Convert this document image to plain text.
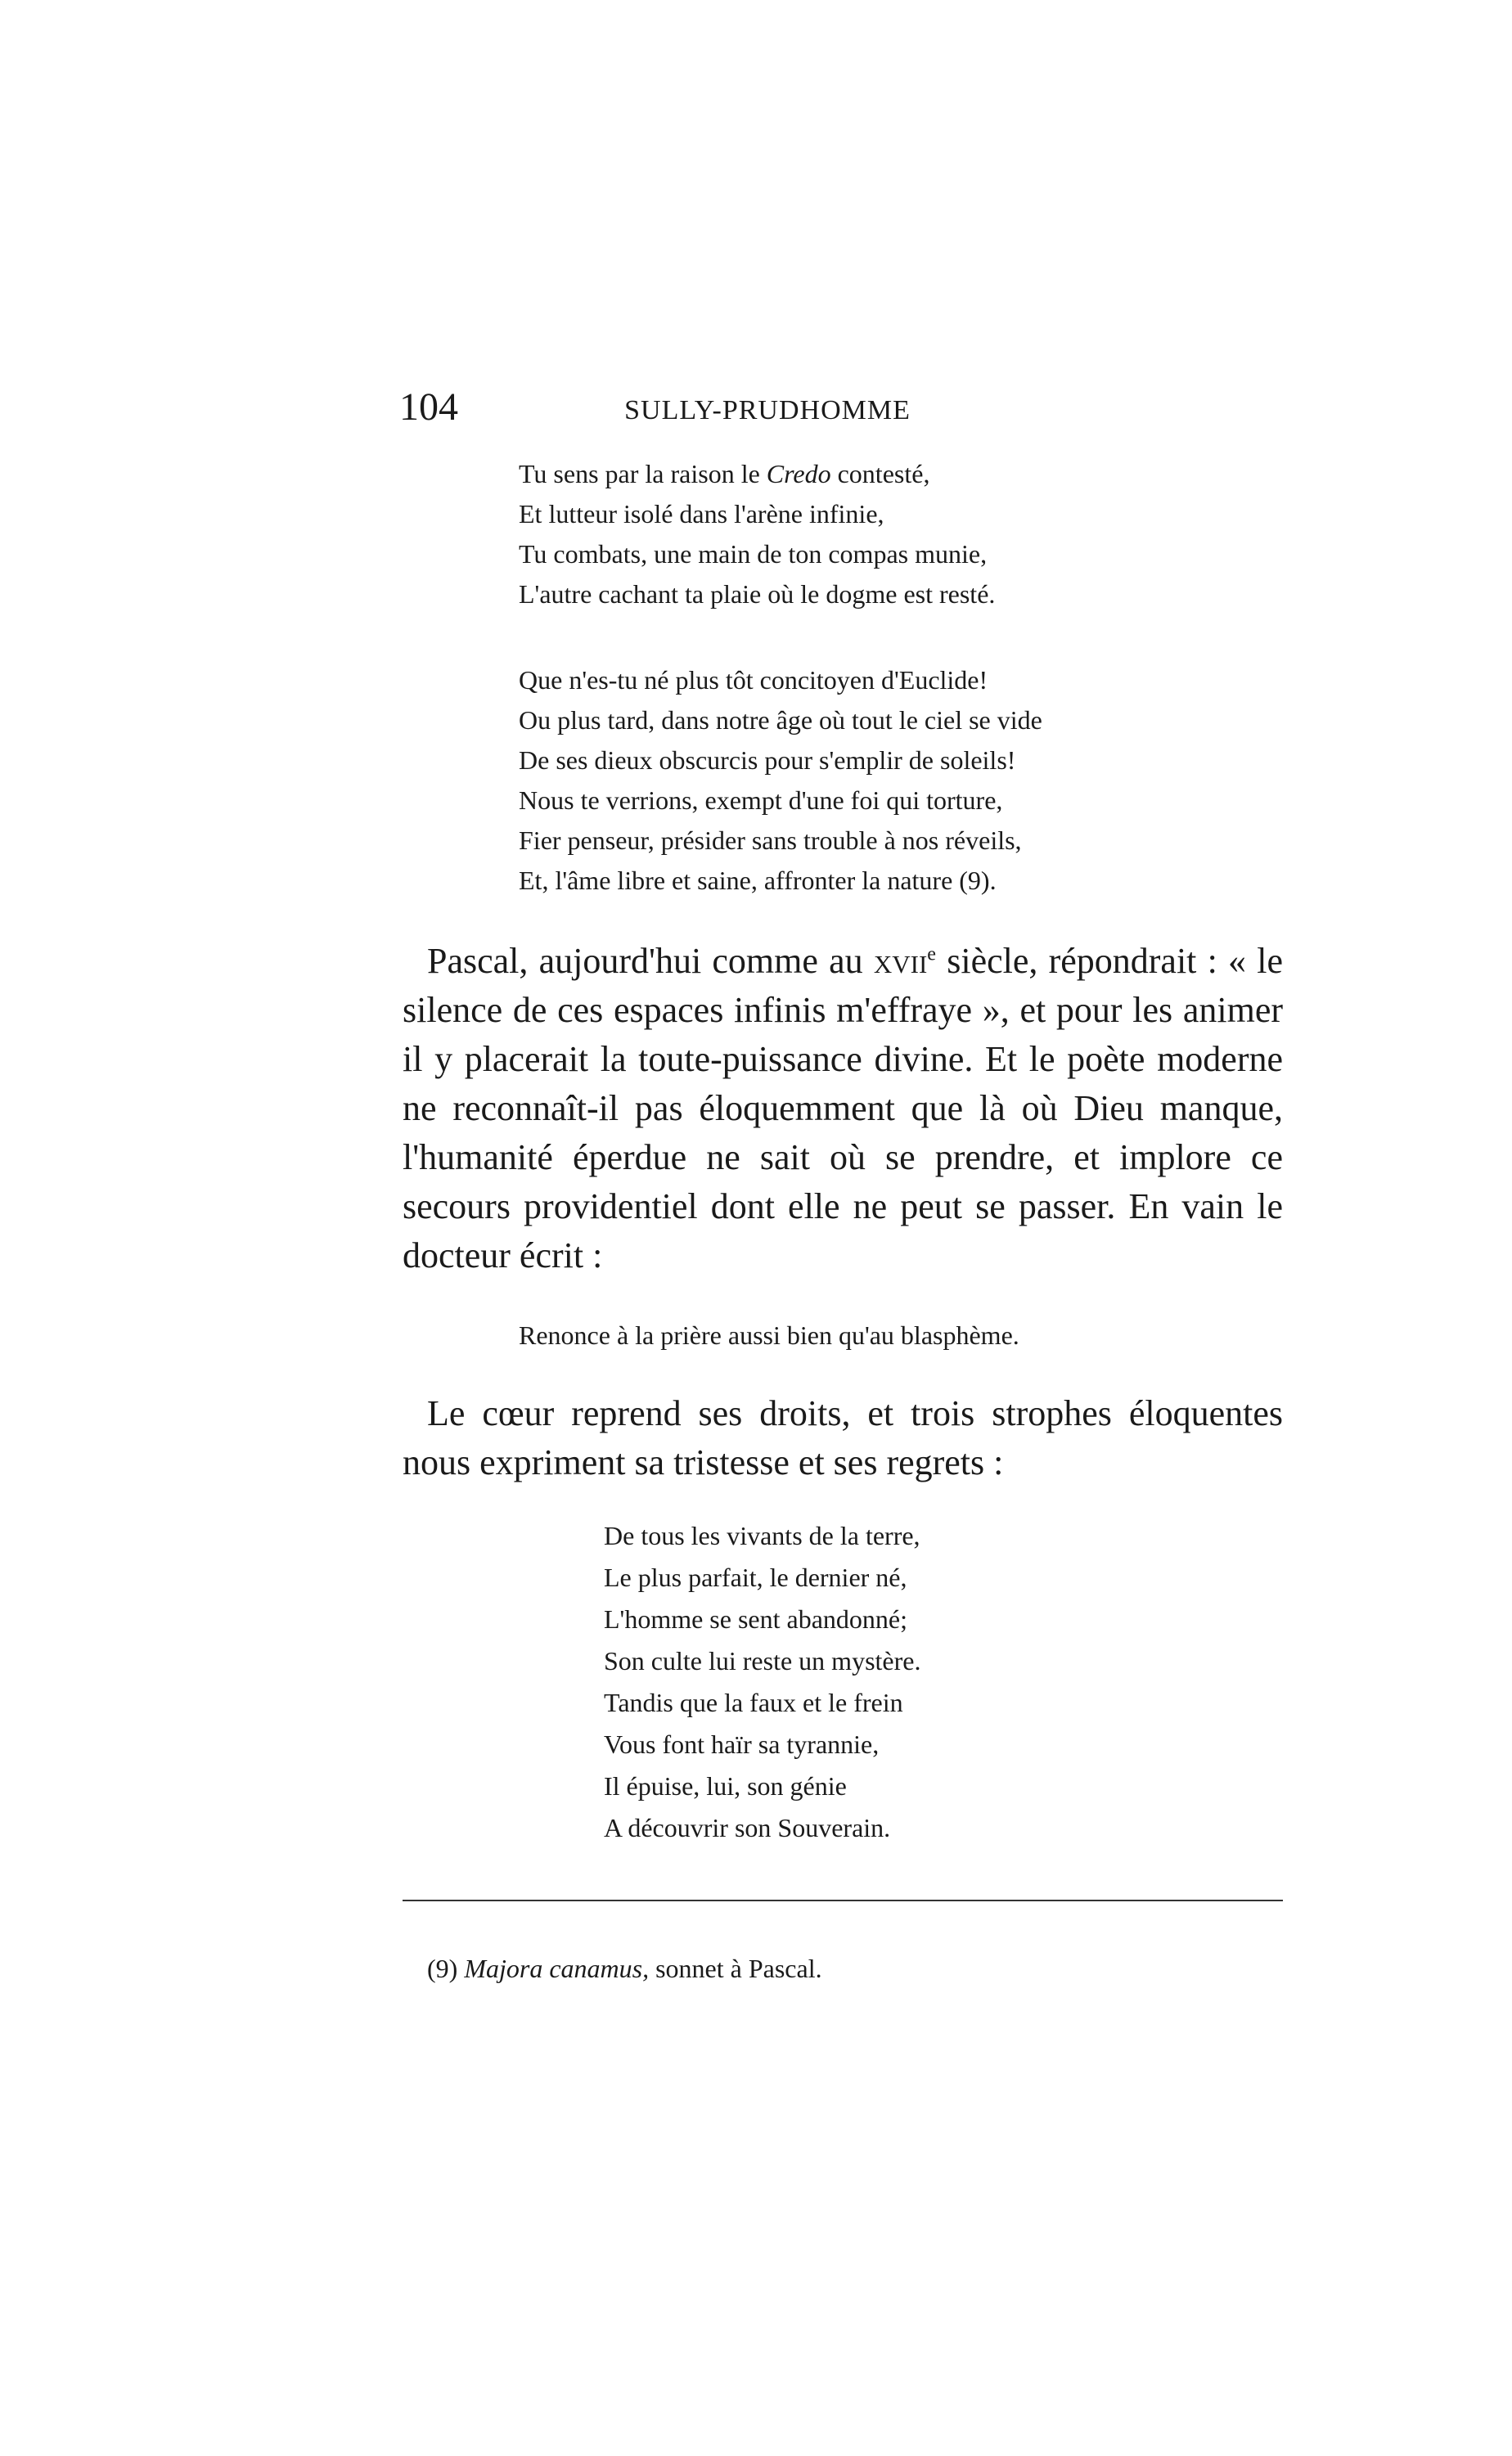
104	SULLY-PRUDHOMME
Tu sens par la raison le Credo contesté,
Et lutteur isolé dans l'arène infinie,
Tu combats, une main de ton compas munie,
L'autre cachant ta plaie où le dogme est resté.
Que n'es-tu né plus tôt concitoyen d'Euclide!
Ou plus tard, dans notre âge où tout le ciel se vide
De ses dieux obscurcis pour s'emplir de soleils!
Nous te verrions, exempt d'une foi qui torture,
Fier penseur, présider sans trouble à nos réveils,
Et, l'âme libre et saine, affronter la nature (9).

Pascal, aujourd'hui comme au xvii$^e$ siècle, répondrait : « le silence de ces espaces infinis m'effraye », et pour les animer il y placerait la toute-puissance divine. Et le poète moderne ne reconnaît-il pas éloquemment que là où Dieu manque, l'humanité éperdue ne sait où se prendre, et implore ce secours providentiel dont elle ne peut se passer. En vain le docteur écrit :

Renonce à la prière aussi bien qu'au blasphème.

Le cœur reprend ses droits, et trois strophes éloquentes nous expriment sa tristesse et ses regrets :

De tous les vivants de la terre,
Le plus parfait, le dernier né,
L'homme se sent abandonné;
Son culte lui reste un mystère.
Tandis que la faux et le frein
Vous font haïr sa tyrannie,
Il épuise, lui, son génie
A découvrir son Souverain.
(9) Majora canamus, sonnet à Pascal.
